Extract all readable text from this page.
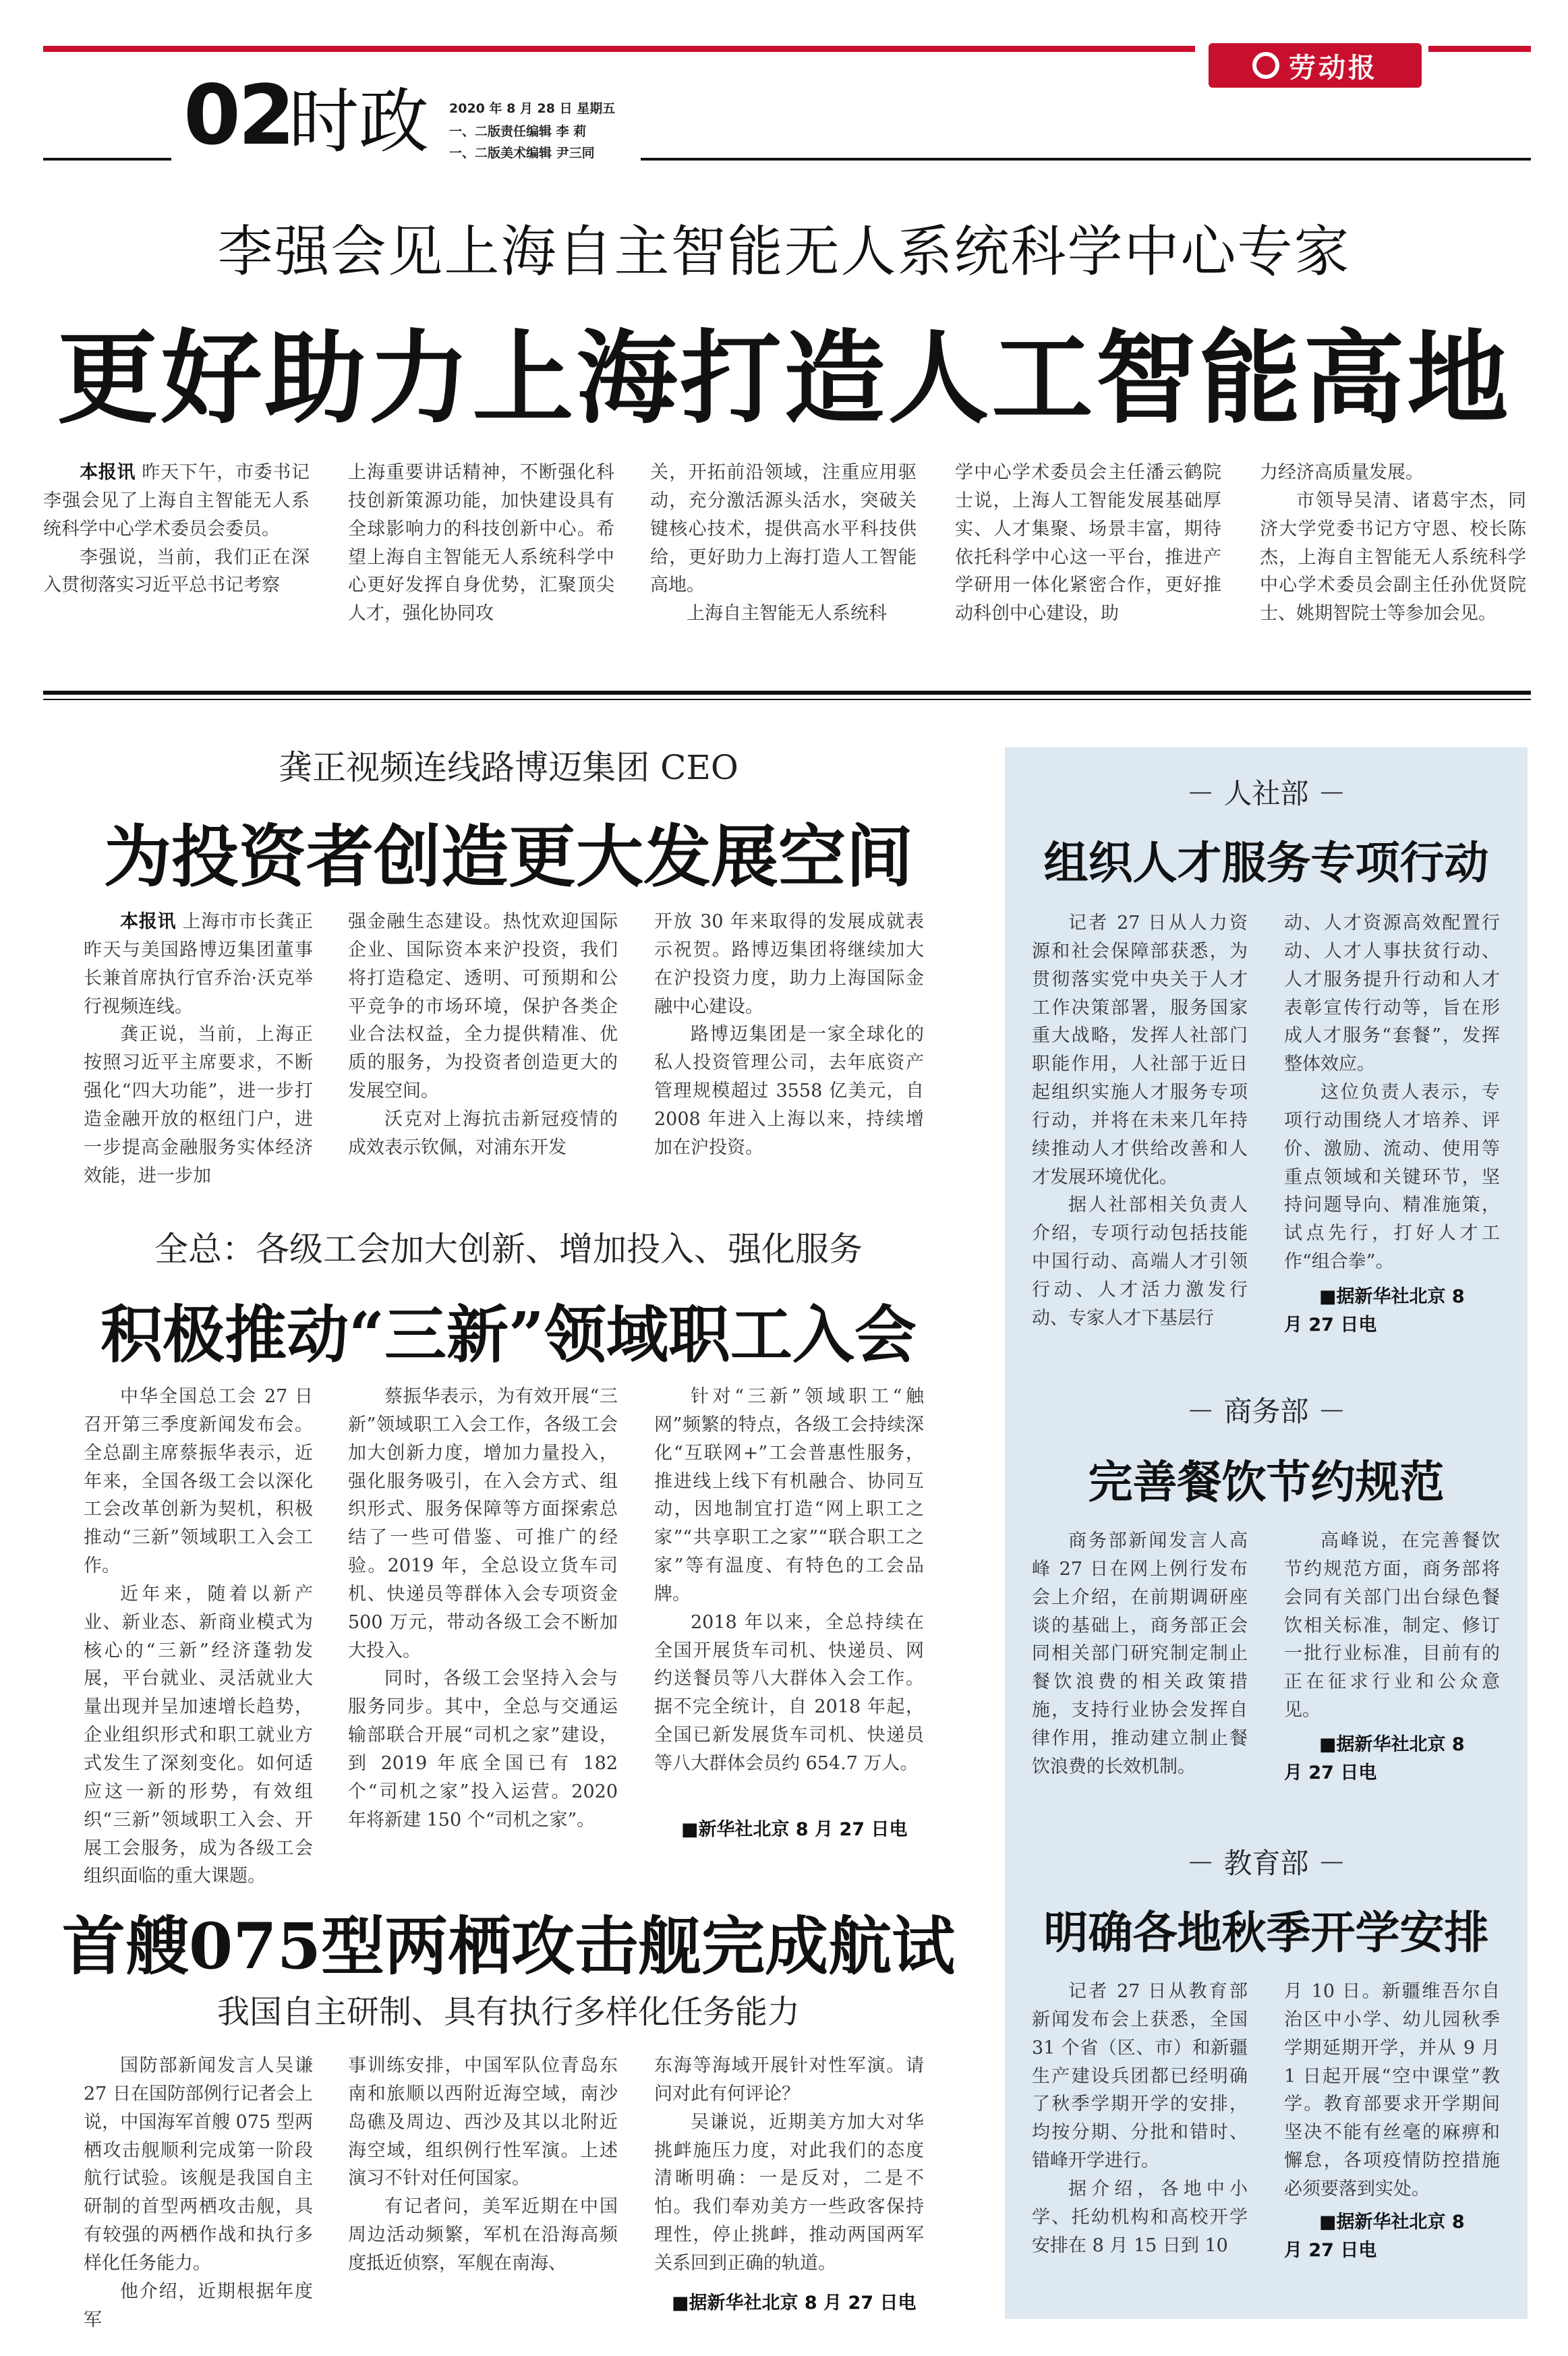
劳动报
02
时政 2020 年 8 月 28 日 星期五
一、二版责任编辑 李 莉
一、二版美术编辑 尹三同
李强会见上海自主智能无人系统科学中心专家
更好助力上海打造人工智能高地

本报讯 昨天下午，市委书记李强会见了上海自主智能无人系统科学中心学术委员会委员。

李强说，当前，我们正在深入贯彻落实习近平总书记考察

上海重要讲话精神，不断强化科技创新策源功能，加快建设具有全球影响力的科技创新中心。希望上海自主智能无人系统科学中心更好发挥自身优势，汇聚顶尖人才，强化协同攻

关，开拓前沿领域，注重应用驱动，充分激活源头活水，突破关键核心技术，提供高水平科技供给，更好助力上海打造人工智能高地。

上海自主智能无人系统科

学中心学术委员会主任潘云鹤院士说，上海人工智能发展基础厚实、人才集聚、场景丰富，期待依托科学中心这一平台，推进产学研用一体化紧密合作，更好推动科创中心建设，助

力经济高质量发展。

市领导吴清、诸葛宇杰，同济大学党委书记方守恩、校长陈杰，上海自主智能无人系统科学中心学术委员会副主任孙优贤院士、姚期智院士等参加会见。

龚正视频连线路博迈集团 CEO
为投资者创造更大发展空间

本报讯 上海市市长龚正昨天与美国路博迈集团董事长兼首席执行官乔治·沃克举行视频连线。

龚正说，当前，上海正按照习近平主席要求，不断强化“四大功能”，进一步打造金融开放的枢纽门户，进一步提高金融服务实体经济效能，进一步加

强金融生态建设。热忱欢迎国际企业、国际资本来沪投资，我们将打造稳定、透明、可预期和公平竞争的市场环境，保护各类企业合法权益，全力提供精准、优质的服务，为投资者创造更大的发展空间。

沃克对上海抗击新冠疫情的成效表示钦佩，对浦东开发

开放 30 年来取得的发展成就表示祝贺。路博迈集团将继续加大在沪投资力度，助力上海国际金融中心建设。

路博迈集团是一家全球化的私人投资管理公司，去年底资产管理规模超过 3558 亿美元，自 2008 年进入上海以来，持续增加在沪投资。

全总：各级工会加大创新、增加投入、强化服务
积极推动“三新”领域职工入会

中华全国总工会 27 日召开第三季度新闻发布会。全总副主席蔡振华表示，近年来，全国各级工会以深化工会改革创新为契机，积极推动“三新”领域职工入会工作。

近年来，随着以新产业、新业态、新商业模式为核心的“三新”经济蓬勃发展，平台就业、灵活就业大量出现并呈加速增长趋势，企业组织形式和职工就业方式发生了深刻变化。如何适应这一新的形势，有效组织“三新”领域职工入会、开展工会服务，成为各级工会组织面临的重大课题。

蔡振华表示，为有效开展“三新”领域职工入会工作，各级工会加大创新力度，增加力量投入，强化服务吸引，在入会方式、组织形式、服务保障等方面探索总结了一些可借鉴、可推广的经验。2019 年，全总设立货车司机、快递员等群体入会专项资金 500 万元，带动各级工会不断加大投入。

同时，各级工会坚持入会与服务同步。其中，全总与交通运输部联合开展“司机之家”建设，到 2019 年底全国已有 182 个“司机之家”投入运营。2020 年将新建 150 个“司机之家”。

针对“三新”领域职工“触网”频繁的特点，各级工会持续深化“互联网+”工会普惠性服务，推进线上线下有机融合、协同互动，因地制宜打造“网上职工之家”“共享职工之家”“联合职工之家”等有温度、有特色的工会品牌。

2018 年以来，全总持续在全国开展货车司机、快递员、网约送餐员等八大群体入会工作。据不完全统计，自 2018 年起，全国已新发展货车司机、快递员等八大群体会员约 654.7 万人。

■新华社北京 8 月 27 日电
首艘075型两栖攻击舰完成航试
我国自主研制、具有执行多样化任务能力

国防部新闻发言人吴谦 27 日在国防部例行记者会上说，中国海军首艘 075 型两栖攻击舰顺利完成第一阶段航行试验。该舰是我国自主研制的首型两栖攻击舰，具有较强的两栖作战和执行多样化任务能力。

他介绍，近期根据年度军

事训练安排，中国军队位青岛东南和旅顺以西附近海空域，南沙岛礁及周边、西沙及其以北附近海空域，组织例行性军演。上述演习不针对任何国家。

有记者问，美军近期在中国周边活动频繁，军机在沿海高频度抵近侦察，军舰在南海、

东海等海域开展针对性军演。请问对此有何评论？

吴谦说，近期美方加大对华挑衅施压力度，对此我们的态度清晰明确：一是反对，二是不怕。我们奉劝美方一些政客保持理性，停止挑衅，推动两国两军关系回到正确的轨道。

■据新华社北京 8 月 27 日电
－ 人社部 －
组织人才服务专项行动

记者 27 日从人力资源和社会保障部获悉，为贯彻落实党中央关于人才工作决策部署，服务国家重大战略，发挥人社部门职能作用，人社部于近日起组织实施人才服务专项行动，并将在未来几年持续推动人才供给改善和人才发展环境优化。

据人社部相关负责人介绍，专项行动包括技能中国行动、高端人才引领行动、人才活力激发行动、专家人才下基层行

动、人才资源高效配置行动、人才人事扶贫行动、人才服务提升行动和人才表彰宣传行动等，旨在形成人才服务“套餐”，发挥整体效应。

这位负责人表示，专项行动围绕人才培养、评价、激励、流动、使用等重点领域和关键环节，坚持问题导向、精准施策，试点先行，打好人才工作“组合拳”。

■据新华社北京 8
月 27 日电
－ 商务部 －
完善餐饮节约规范

商务部新闻发言人高峰 27 日在网上例行发布会上介绍，在前期调研座谈的基础上，商务部正会同相关部门研究制定制止餐饮浪费的相关政策措施，支持行业协会发挥自律作用，推动建立制止餐饮浪费的长效机制。

高峰说，在完善餐饮节约规范方面，商务部将会同有关部门出台绿色餐饮相关标准，制定、修订一批行业标准，目前有的正在征求行业和公众意见。

■据新华社北京 8
月 27 日电
－ 教育部 －
明确各地秋季开学安排

记者 27 日从教育部新闻发布会上获悉，全国 31 个省（区、市）和新疆生产建设兵团都已经明确了秋季学期开学的安排，均按分期、分批和错时、错峰开学进行。

据介绍，各地中小学、托幼机构和高校开学安排在 8 月 15 日到 10

月 10 日。新疆维吾尔自治区中小学、幼儿园秋季学期延期开学，并从 9 月 1 日起开展“空中课堂”教学。教育部要求开学期间坚决不能有丝毫的麻痹和懈怠，各项疫情防控措施必须要落到实处。

■据新华社北京 8
月 27 日电
